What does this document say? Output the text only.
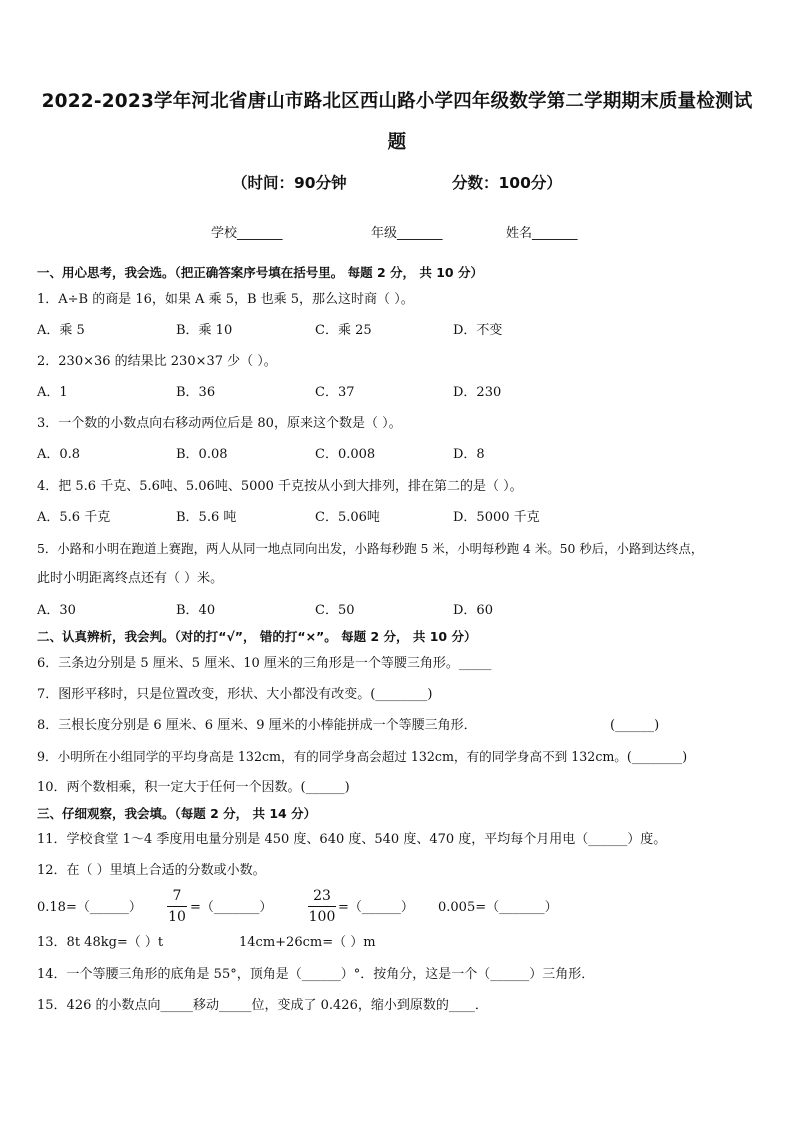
2022-2023学年河北省唐山市路北区西山路小学四年级数学第二学期期末质量检测试
题
（时间：90分钟	分数：100分）
学校_______	年级_______	姓名_______
一、用心思考，我会选。（把正确答案序号填在括号里。 每题 2 分， 共 10 分）
1．A÷B 的商是 16，如果 A 乘 5，B 也乘 5，那么这时商（ ）。
A．乘 5	B．乘 10	C．乘 25	D．不变
2．230×36 的结果比 230×37 少（ ）。
A．1	B．36	C．37	D．230
3．一个数的小数点向右移动两位后是 80，原来这个数是（ ）。
A．0.8	B．0.08	C．0.008	D．8
4．把 5.6 千克、5.6吨、5.06吨、5000 千克按从小到大排列，排在第二的是（ ）。
A．5.6 千克	B．5.6 吨	C．5.06吨	D．5000 千克
5．小路和小明在跑道上赛跑，两人从同一地点同向出发，小路每秒跑 5 米，小明每秒跑 4 米。50 秒后，小路到达终点，
此时小明距离终点还有（ ）米。
A．30	B．40	C．50	D．60
二、认真辨析，我会判。（对的打“√”， 错的打“×”。 每题 2 分， 共 10 分）
6．三条边分别是 5 厘米、5 厘米、10 厘米的三角形是一个等腰三角形。_____
7．图形平移时，只是位置改变，形状、大小都没有改变。(________)
8．三根长度分别是 6 厘米、6 厘米、9 厘米的小棒能拼成一个等腰三角形．	(______)
9．小明所在小组同学的平均身高是 132cm，有的同学身高会超过 132cm，有的同学身高不到 132cm。(________)
10．两个数相乘，积一定大于任何一个因数。(______)
三、仔细观察，我会填。（每题 2 分， 共 14 分）
11．学校食堂 1～4 季度用电量分别是 450 度、640 度、540 度、470 度，平均每个月用电（______）度。
12．在（ ）里填上合适的分数或小数。
0.18=（______）
7
10
=（_______）
23
100
=（______） 0.005=（_______）
13．8t 48kg=（ ）t	14cm+26cm=（ ）m
14．一个等腰三角形的底角是 55°，顶角是（______）°．按角分，这是一个（______）三角形．
15．426 的小数点向_____移动_____位，变成了 0.426，缩小到原数的____．
